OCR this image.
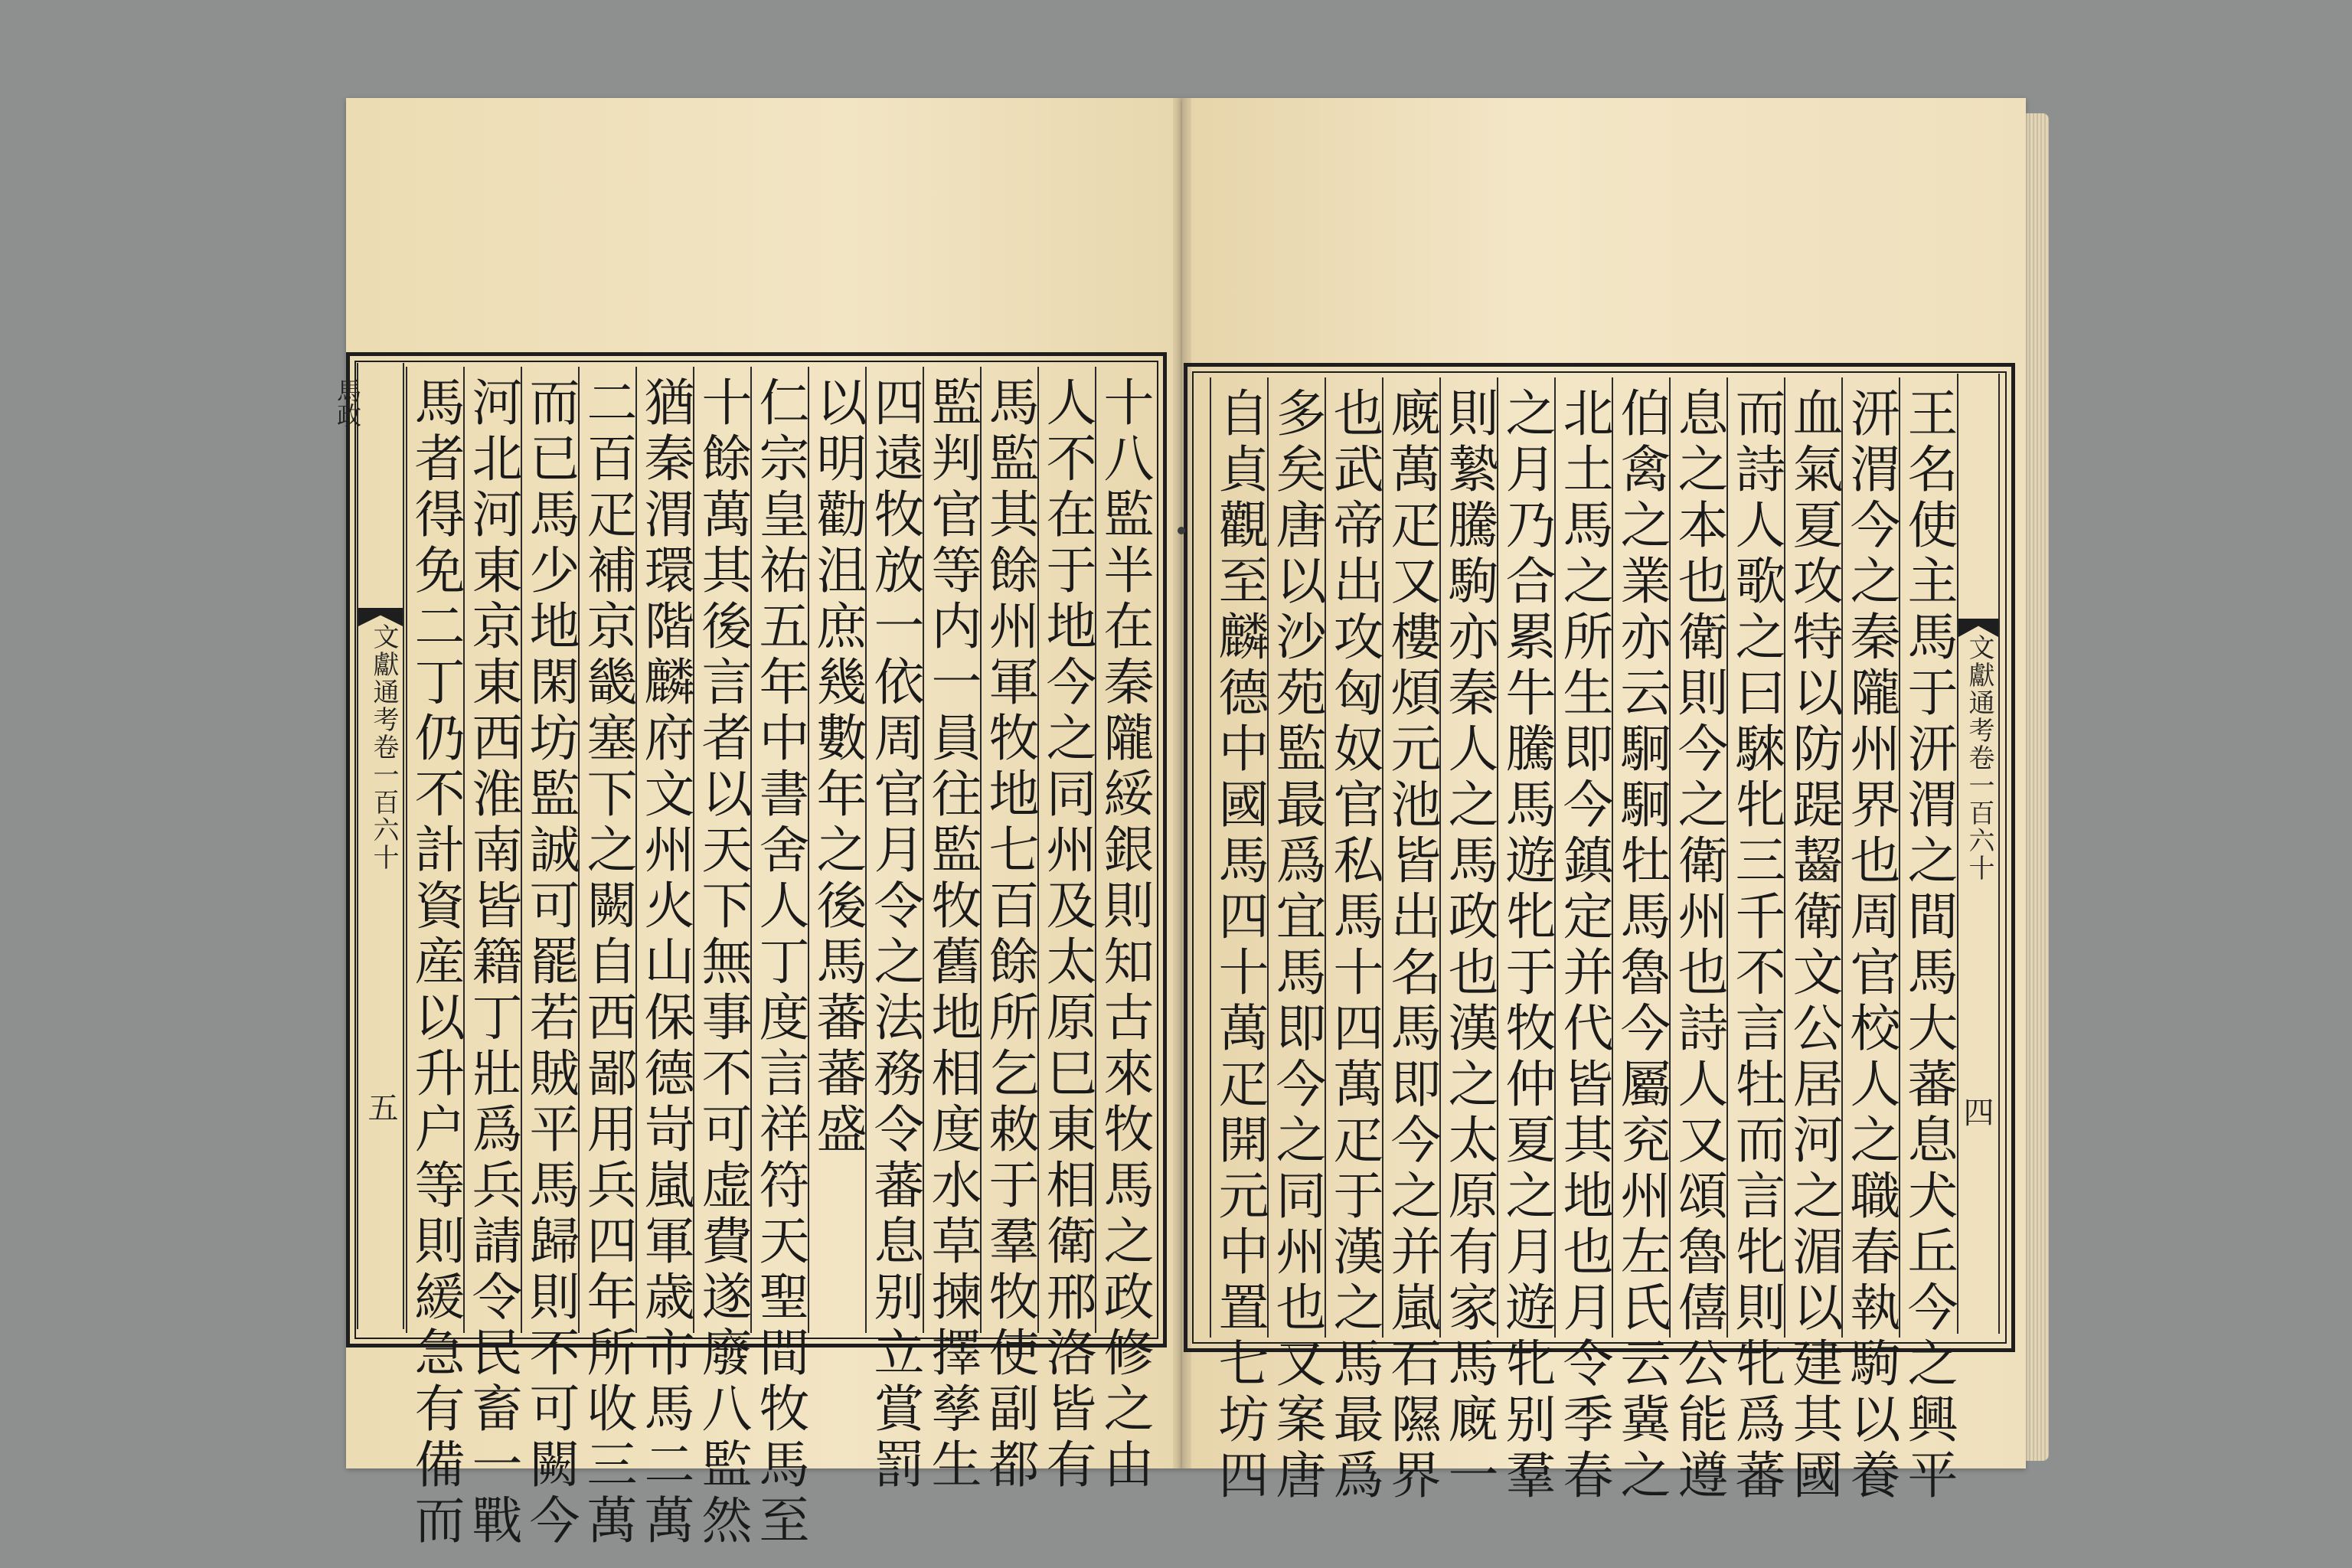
十八監半在秦隴綏銀則知古來牧馬之政修之由
人不在于地今之同州及太原巳東相衛邢洛皆有
馬監其餘州軍牧地七百餘所乞敕于羣牧使副都
監判官等内一員往監牧舊地相度水草揀擇孳生
四遠牧放一依周官月令之法務令蕃息别立賞罰
以明勸沮庶幾數年之後馬蕃蕃盛
仁宗皇祐五年中書舍人丁度言祥符天聖間牧馬至
十餘萬其後言者以天下無事不可虚費遂廢八監然
猶秦渭環階麟府文州火山保德岢嵐軍歳市馬二萬
二百疋補京畿塞下之闕自西鄙用兵四年所收三萬
而已馬少地閑坊監誠可罷若賊平馬歸則不可闕今
河北河東京東西淮南皆籍丁壯爲兵請令民畜一戰
馬者得免二丁仍不計資産以升户等則緩急有備而	王名使主馬于汧渭之間馬大蕃息犬丘今之興平
汧渭今之秦隴州界也周官校人之職春執駒以養
血氣夏攻特以防踶齧衛文公居河之湄以建其國
而詩人歌之曰騋牝三千不言牡而言牝則牝爲蕃
息之本也衛則今之衛州也詩人又頌魯僖公能遵
伯禽之業亦云駉駉牡馬魯今屬兖州左氏云冀之
北土馬之所生即今鎮定并代皆其地也月令季春
之月乃合累牛騰馬遊牝于牧仲夏之月遊牝别羣
則縶騰駒亦秦人之馬政也漢之太原有家馬廐一
廐萬疋又樓煩元池皆出名馬即今之并嵐石隰界
也武帝出攻匈奴官私馬十四萬疋于漢之馬最爲
多矣唐以沙苑監最爲宜馬即今之同州也又案唐
自貞觀至麟德中國馬四十萬疋開元中置七坊四
文獻通考卷一百六十
馬政
五
文獻通考卷一百六十
四
